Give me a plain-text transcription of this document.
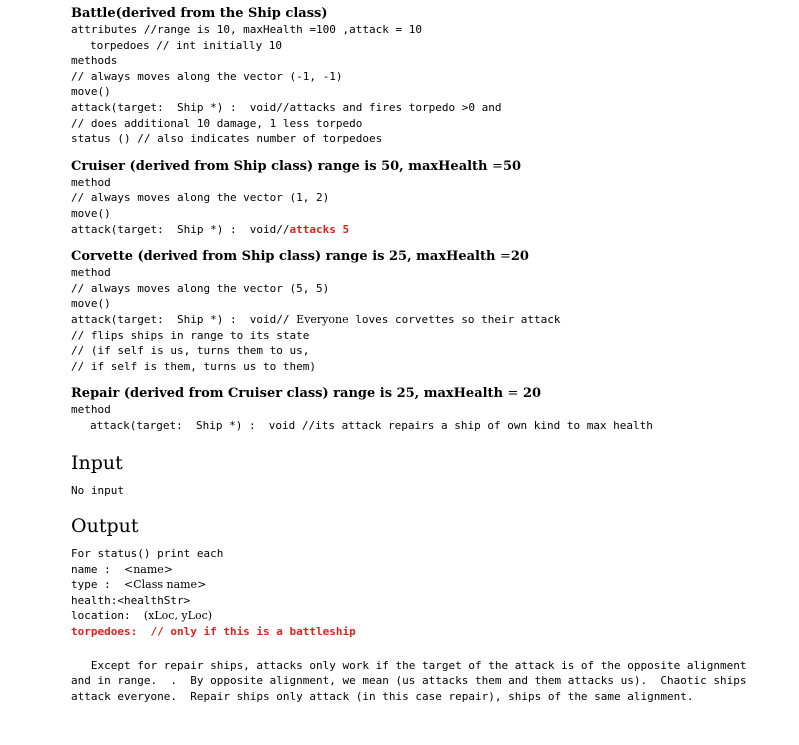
Battle(derived from the Ship class)
attributes //range is 10, maxHealth =100 ,attack = 10
torpedoes // int initially 10
methods
// always moves along the vector (-1, -1)
move()
attack(target:  Ship *) :  void//attacks and fires torpedo >0 and
// does additional 10 damage, 1 less torpedo
status () // also indicates number of torpedoes
Cruiser (derived from Ship class) range is 50, maxHealth =50
method
// always moves along the vector (1, 2)
move()
attack(target:  Ship *) :  void//attacks 5
Corvette (derived from Ship class) range is 25, maxHealth =20
method
// always moves along the vector (5, 5)
move()
attack(target:  Ship *) :  void// Everyone loves corvettes so their attack
// flips ships in range to its state
// (if self is us, turns them to us,
// if self is them, turns us to them)
Repair (derived from Cruiser class) range is 25, maxHealth = 20
method
attack(target:  Ship *) :  void //its attack repairs a ship of own kind to max health
Input
No input
Output
For status() print each
name :  <name>
type :  <Class name>
health:<healthStr>
location:  (xLoc, yLoc)
torpedoes:  // only if this is a battleship
Except for repair ships, attacks only work if the target of the attack is of the opposite alignment
and in range.  .  By opposite alignment, we mean (us attacks them and them attacks us).  Chaotic ships
attack everyone.  Repair ships only attack (in this case repair), ships of the same alignment.
